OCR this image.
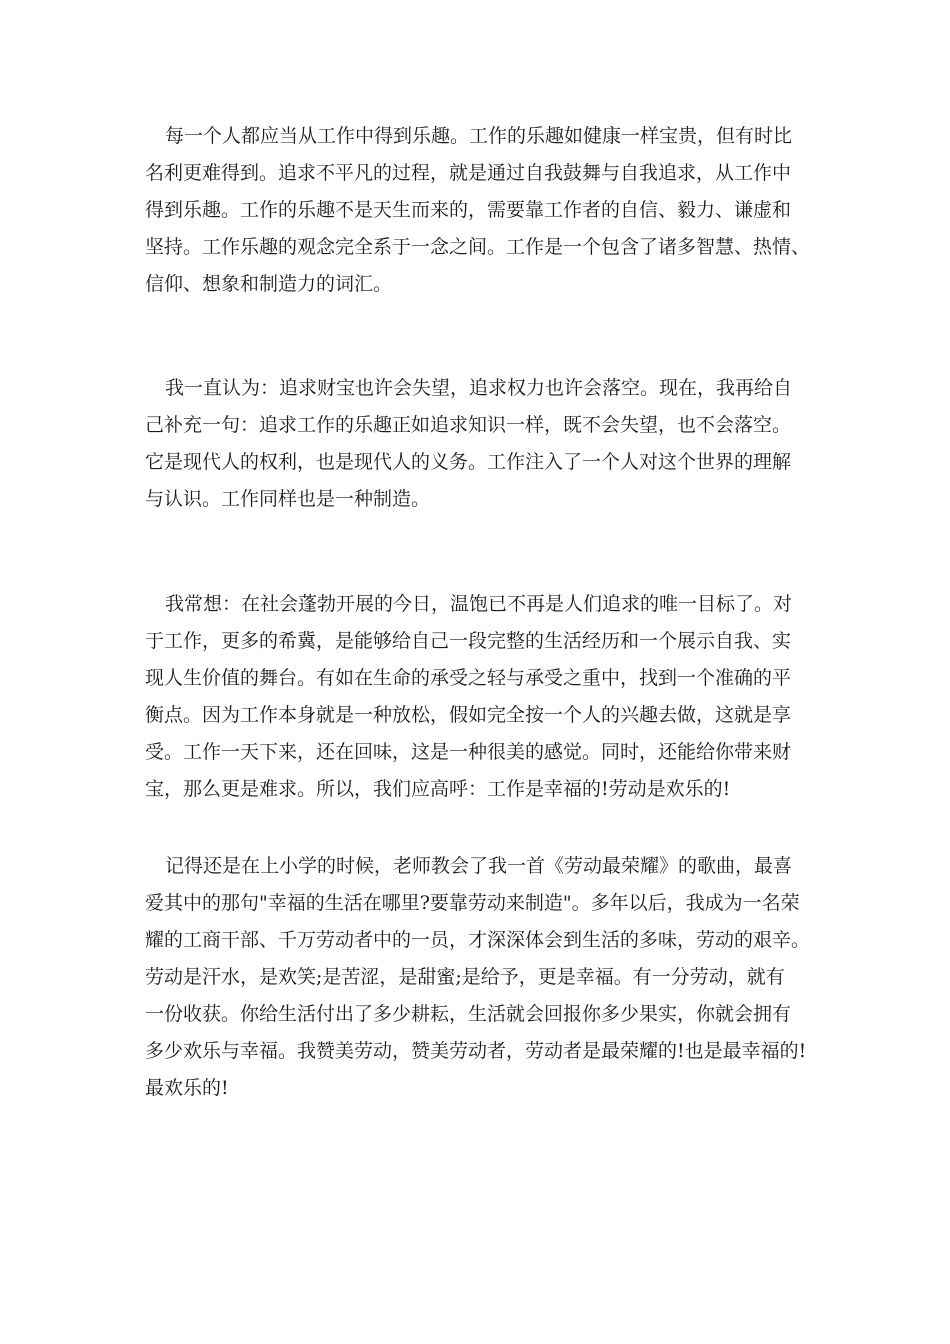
每一个人都应当从工作中得到乐趣。工作的乐趣如健康一样宝贵，但有时比
名利更难得到。追求不平凡的过程，就是通过自我鼓舞与自我追求，从工作中
得到乐趣。工作的乐趣不是天生而来的，需要靠工作者的自信、毅力、谦虚和
坚持。工作乐趣的观念完全系于一念之间。工作是一个包含了诸多智慧、热情、
信仰、想象和制造力的词汇。
我一直认为：追求财宝也许会失望，追求权力也许会落空。现在，我再给自
己补充一句：追求工作的乐趣正如追求知识一样，既不会失望，也不会落空。
它是现代人的权利，也是现代人的义务。工作注入了一个人对这个世界的理解
与认识。工作同样也是一种制造。
我常想：在社会蓬勃开展的今日，温饱已不再是人们追求的唯一目标了。对
于工作，更多的希冀，是能够给自己一段完整的生活经历和一个展示自我、实
现人生价值的舞台。有如在生命的承受之轻与承受之重中，找到一个准确的平
衡点。因为工作本身就是一种放松，假如完全按一个人的兴趣去做，这就是享
受。工作一天下来，还在回味，这是一种很美的感觉。同时，还能给你带来财
宝，那么更是难求。所以，我们应高呼：工作是幸福的!劳动是欢乐的!
记得还是在上小学的时候，老师教会了我一首《劳动最荣耀》的歌曲，最喜
爱其中的那句"幸福的生活在哪里?要靠劳动来制造"。多年以后，我成为一名荣
耀的工商干部、千万劳动者中的一员，才深深体会到生活的多味，劳动的艰辛。
劳动是汗水，是欢笑;是苦涩，是甜蜜;是给予，更是幸福。有一分劳动，就有
一份收获。你给生活付出了多少耕耘，生活就会回报你多少果实，你就会拥有
多少欢乐与幸福。我赞美劳动，赞美劳动者，劳动者是最荣耀的!也是最幸福的!
最欢乐的!
